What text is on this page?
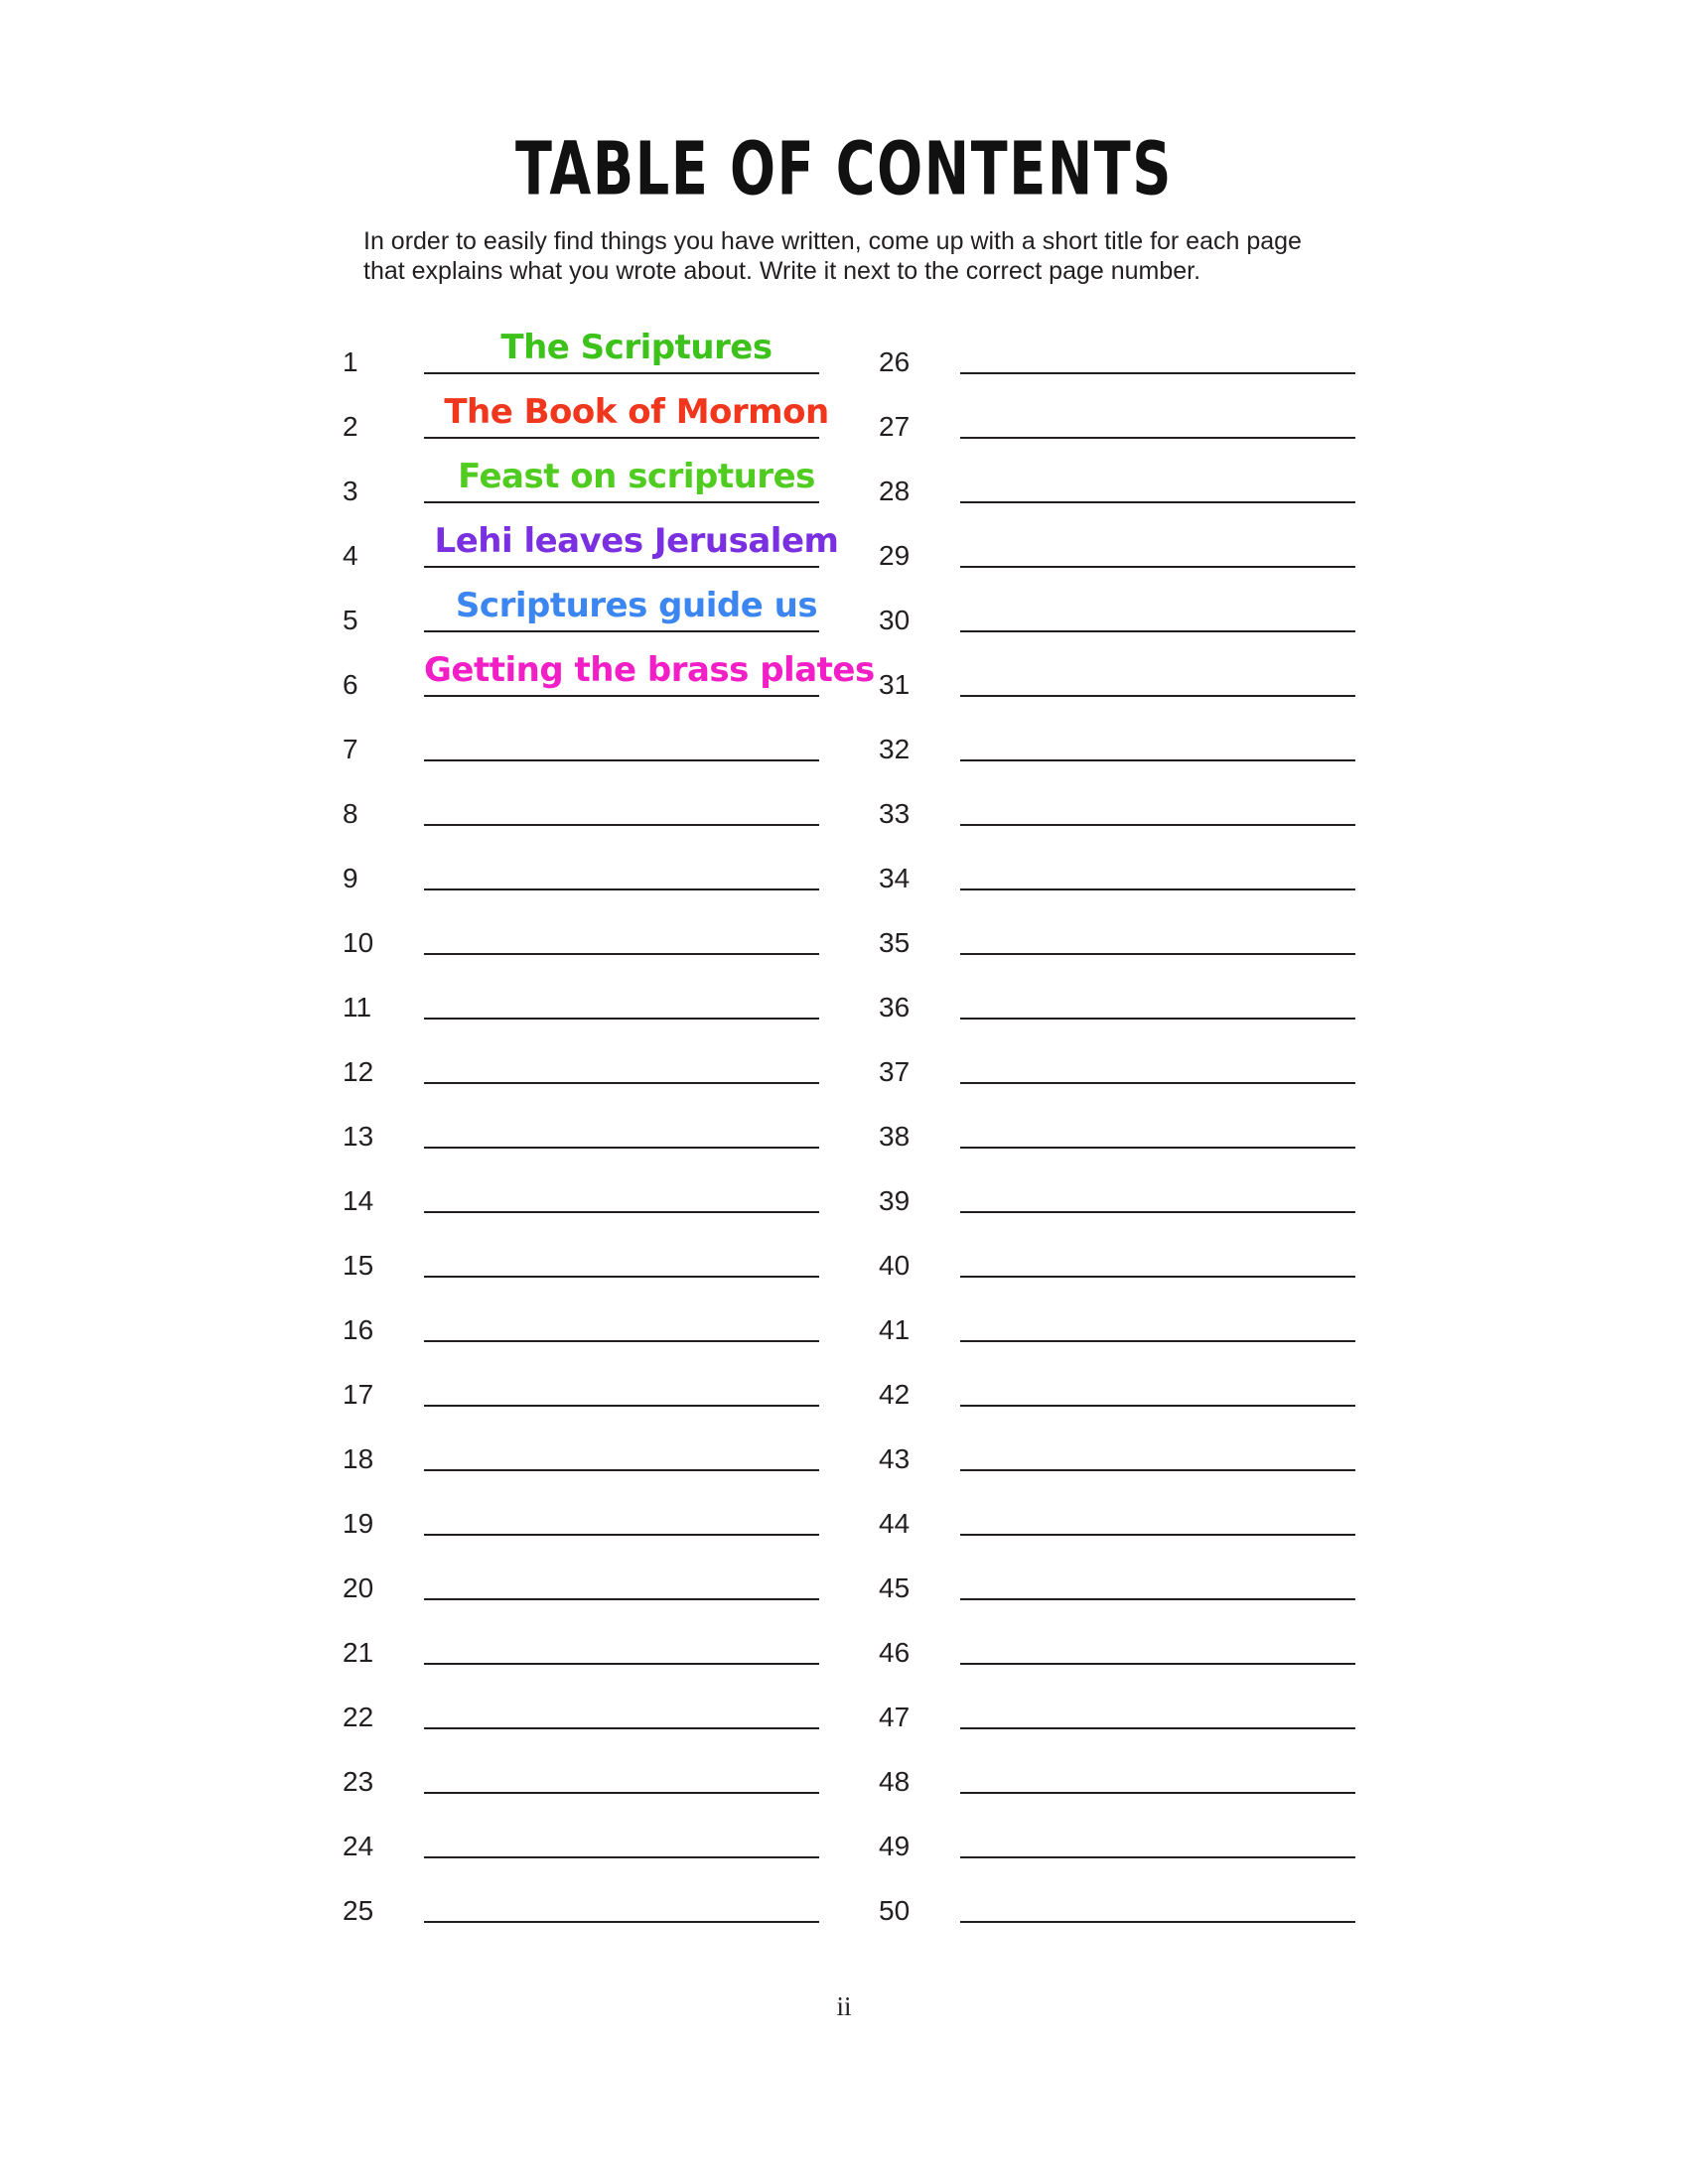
TABLE OF CONTENTS

In order to easily find things you have written, come up with a short title for each page

that explains what you wrote about. Write it next to the correct page number.

1	The Scriptures
2	The Book of Mormon
3	Feast on scriptures
4	Lehi leaves Jerusalem
5	Scriptures guide us
6	Getting the brass plates
7
8
9
10
11
12
13
14
15
16
17
18
19
20
21
22
23
24
25
26
27
28
29
30
31
32
33
34
35
36
37
38
39
40
41
42
43
44
45
46
47
48
49
50
ii
